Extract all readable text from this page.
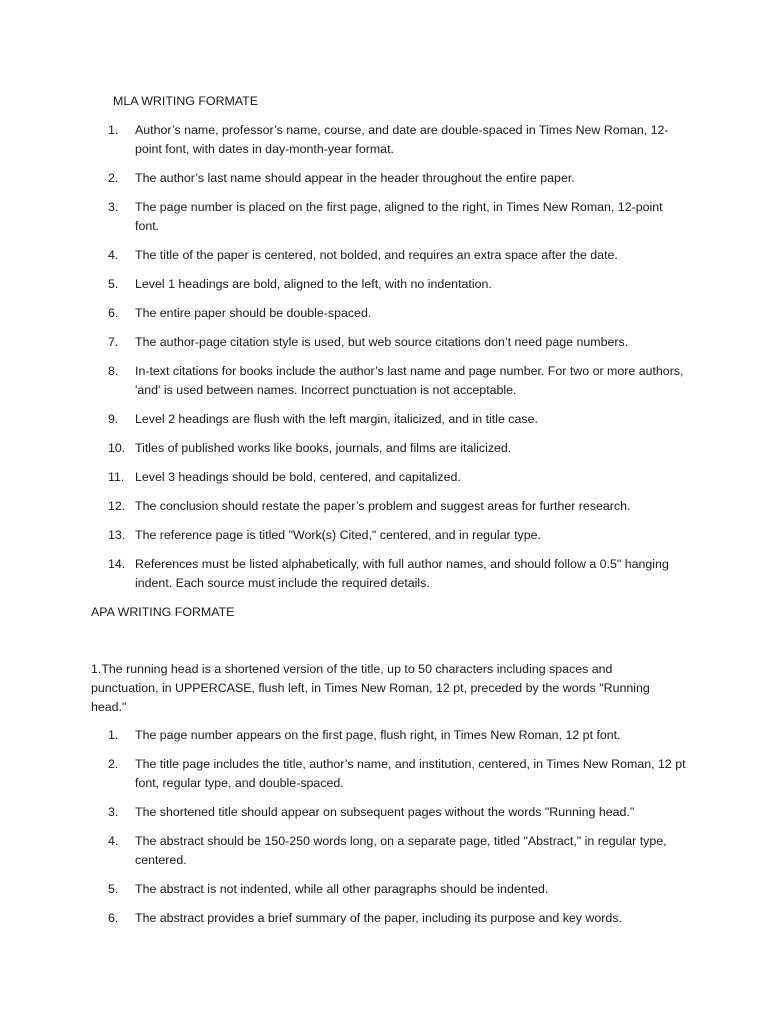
MLA WRITING FORMATE
1.	Author’s name, professor’s name, course, and date are double-spaced in Times New Roman, 12-point font, with dates in day-month-year format.
2.	The author’s last name should appear in the header throughout the entire paper.
3.	The page number is placed on the first page, aligned to the right, in Times New Roman, 12-point font.
4.	The title of the paper is centered, not bolded, and requires an extra space after the date.
5.	Level 1 headings are bold, aligned to the left, with no indentation.
6.	The entire paper should be double-spaced.
7.	The author-page citation style is used, but web source citations don’t need page numbers.
8.	In-text citations for books include the author’s last name and page number. For two or more authors, 'and' is used between names. Incorrect punctuation is not acceptable.
9.	Level 2 headings are flush with the left margin, italicized, and in title case.
10. Titles of published works like books, journals, and films are italicized.
11. Level 3 headings should be bold, centered, and capitalized.
12. The conclusion should restate the paper’s problem and suggest areas for further research.
13. The reference page is titled "Work(s) Cited," centered, and in regular type.
14. References must be listed alphabetically, with full author names, and should follow a 0.5" hanging indent. Each source must include the required details.
APA WRITING FORMATE

1.The running head is a shortened version of the title, up to 50 characters including spaces and punctuation, in UPPERCASE, flush left, in Times New Roman, 12 pt, preceded by the words "Running head."

1.	The page number appears on the first page, flush right, in Times New Roman, 12 pt font.
2.	The title page includes the title, author’s name, and institution, centered, in Times New Roman, 12 pt font, regular type, and double-spaced.
3.	The shortened title should appear on subsequent pages without the words "Running head."
4.	The abstract should be 150-250 words long, on a separate page, titled "Abstract," in regular type, centered.
5.	The abstract is not indented, while all other paragraphs should be indented.
6.	The abstract provides a brief summary of the paper, including its purpose and key words.
